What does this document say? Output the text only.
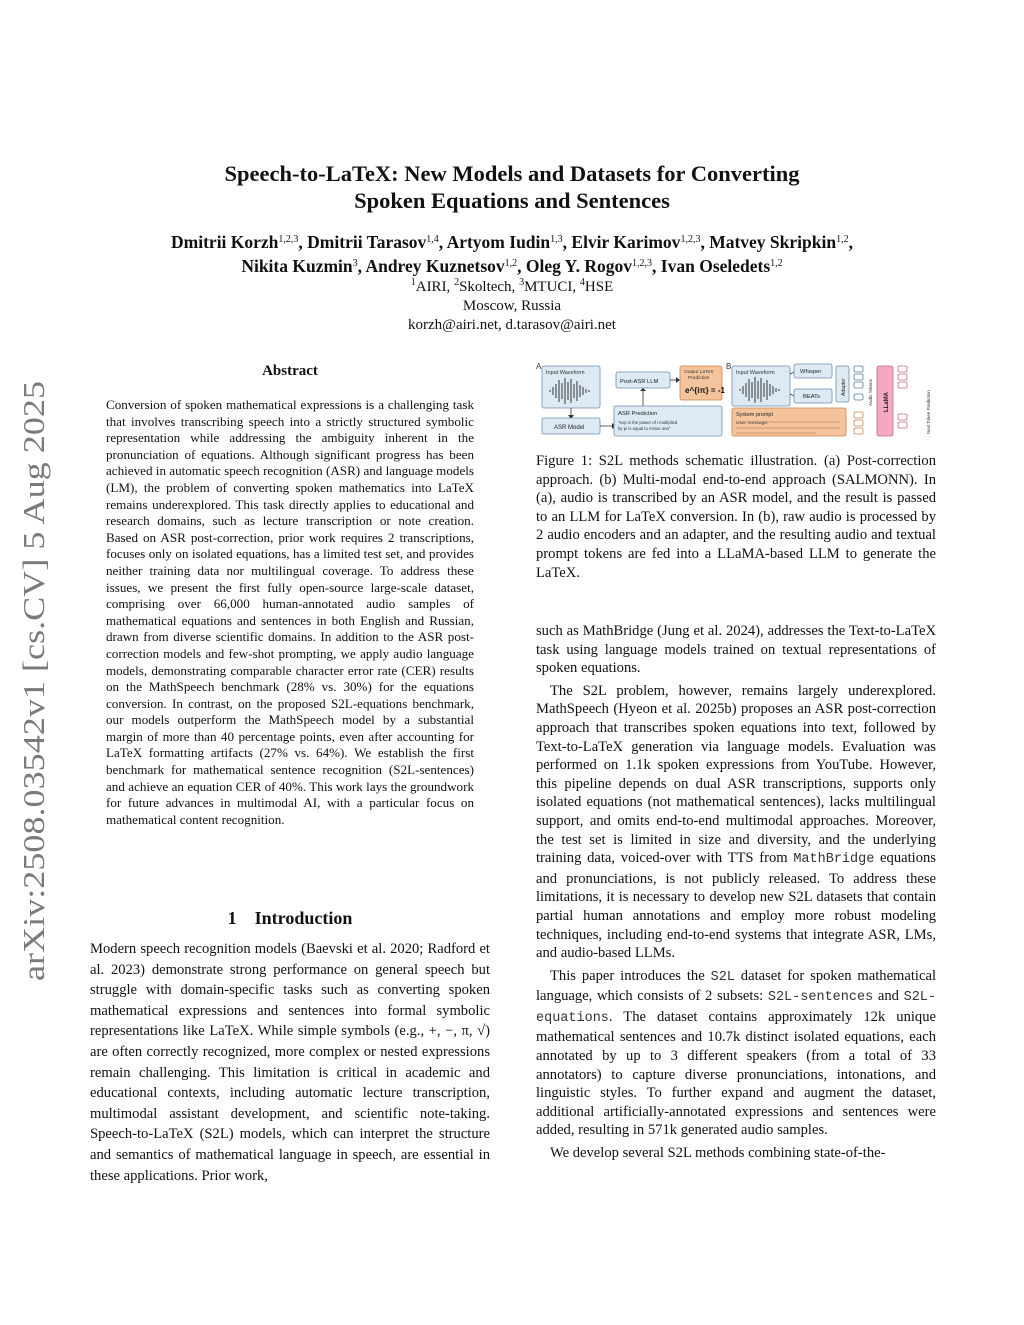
arXiv:2508.03542v1 [cs.CV] 5 Aug 2025
Speech-to-LaTeX: New Models and Datasets for Converting
Spoken Equations and Sentences
Dmitrii Korzh$^{1,2,3}$, Dmitrii Tarasov$^{1,4}$, Artyom Iudin$^{1,3}$, Elvir Karimov$^{1,2,3}$, Matvey Skripkin$^{1,2}$,
Nikita Kuzmin$^3$, Andrey Kuznetsov$^{1,2}$, Oleg Y. Rogov$^{1,2,3}$, Ivan Oseledets$^{1,2}$
$^1$AIRI, $^2$Skoltech, $^3$MTUCI, $^4$HSE
Moscow, Russia
korzh@airi.net, d.tarasov@airi.net
Abstract
Conversion of spoken mathematical expressions is a challenging task that involves transcribing speech into a strictly structured symbolic representation while addressing the ambiguity inherent in the pronunciation of equations. Although significant progress has been achieved in automatic speech recognition (ASR) and language models (LM), the problem of converting spoken mathematics into LaTeX remains underexplored. This task directly applies to educational and research domains, such as lecture transcription or note creation. Based on ASR post-correction, prior work requires 2 transcriptions, focuses only on isolated equations, has a limited test set, and provides neither training data nor multilingual coverage. To address these issues, we present the first fully open-source large-scale dataset, comprising over 66,000 human-annotated audio samples of mathematical equations and sentences in both English and Russian, drawn from diverse scientific domains. In addition to the ASR post-correction models and few-shot prompting, we apply audio language models, demonstrating comparable character error rate (CER) results on the MathSpeech benchmark (28% vs. 30%) for the equations conversion. In contrast, on the proposed S2L-equations benchmark, our models outperform the MathSpeech model by a substantial margin of more than 40 percentage points, even after accounting for LaTeX formatting artifacts (27% vs. 64%). We establish the first benchmark for mathematical sentence recognition (S2L-sentences) and achieve an equation CER of 40%. This work lays the groundwork for future advances in multimodal AI, with a particular focus on mathematical content recognition.
1 Introduction
Modern speech recognition models (Baevski et al. 2020; Radford et al. 2023) demonstrate strong performance on general speech but struggle with domain-specific tasks such as converting spoken mathematical expressions and sentences into formal symbolic representations like LaTeX. While simple symbols (e.g., +, −, π, √) are often correctly recognized, more complex or nested expressions remain challenging. This limitation is critical in academic and educational contexts, including automatic lecture transcription, multimodal assistant development, and scientific note-taking. Speech-to-LaTeX (S2L) models, which can interpret the structure and semantics of mathematical language in speech, are essential in these applications. Prior work,
A
Input Waveform
ASR Model
Post-ASR LLM
Output LaTeX
Prediction
e^{iπ} = -1
ASR Prediction
"exp in the power of i multiplied
by pi is equal to minus one"
B
Input Waveform	Whisper
BEATs
Adapter	Audio Tokens
System prompt
User message:
LLaMA	Next Token Prediction
Figure 1: S2L methods schematic illustration. (a) Post-correction approach. (b) Multi-modal end-to-end approach (SALMONN). In (a), audio is transcribed by an ASR model, and the result is passed to an LLM for LaTeX conversion. In (b), raw audio is processed by 2 audio encoders and an adapter, and the resulting audio and textual prompt tokens are fed into a LLaMA-based LLM to generate the LaTeX.

such as MathBridge (Jung et al. 2024), addresses the Text-to-LaTeX task using language models trained on textual representations of spoken equations.

The S2L problem, however, remains largely underexplored. MathSpeech (Hyeon et al. 2025b) proposes an ASR post-correction approach that transcribes spoken equations into text, followed by Text-to-LaTeX generation via language models. Evaluation was performed on 1.1k spoken expressions from YouTube. However, this pipeline depends on dual ASR transcriptions, supports only isolated equations (not mathematical sentences), lacks multilingual support, and omits end-to-end multimodal approaches. Moreover, the test set is limited in size and diversity, and the underlying training data, voiced-over with TTS from MathBridge equations and pronunciations, is not publicly released. To address these limitations, it is necessary to develop new S2L datasets that contain partial human annotations and employ more robust modeling techniques, including end-to-end systems that integrate ASR, LMs, and audio-based LLMs.

This paper introduces the S2L dataset for spoken mathematical language, which consists of 2 subsets: S2L-sentences and S2L-equations. The dataset contains approximately 12k unique mathematical sentences and 10.7k distinct isolated equations, each annotated by up to 3 different speakers (from a total of 33 annotators) to capture diverse pronunciations, intonations, and linguistic styles. To further expand and augment the dataset, additional artificially-annotated expressions and sentences were added, resulting in 571k generated audio samples.

We develop several S2L methods combining state-of-the-
